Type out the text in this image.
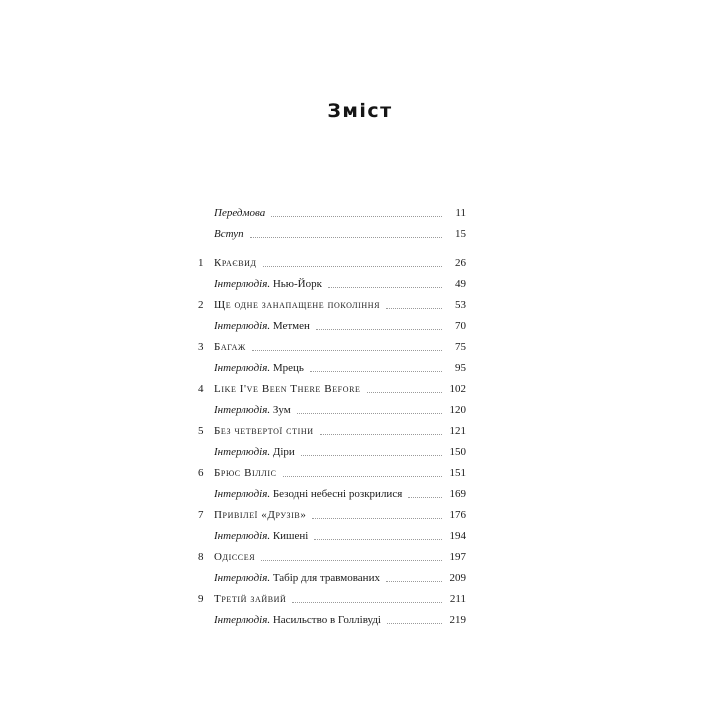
Зміст
Передмова	11
Вступ	15
1 Краєвид	26
Інтерлюдія. Нью-Йорк	49
2 Ще одне занапащене покоління	53
Інтерлюдія. Метмен	70
3 Багаж	75
Інтерлюдія. Мрець	95
4 Like I've Been There Before	102
Інтерлюдія. Зум	120
5 Без четвертої стіни	121
Інтерлюдія. Діри	150
6 Брюс Вілліс	151
Інтерлюдія. Безодні небесні розкрилися	169
7 Привілеї «Друзів»	176
Інтерлюдія. Кишені	194
8 Одіссея	197
Інтерлюдія. Табір для травмованих	209
9 Третій зайвий	211
Інтерлюдія. Насильство в Голлівуді	219
